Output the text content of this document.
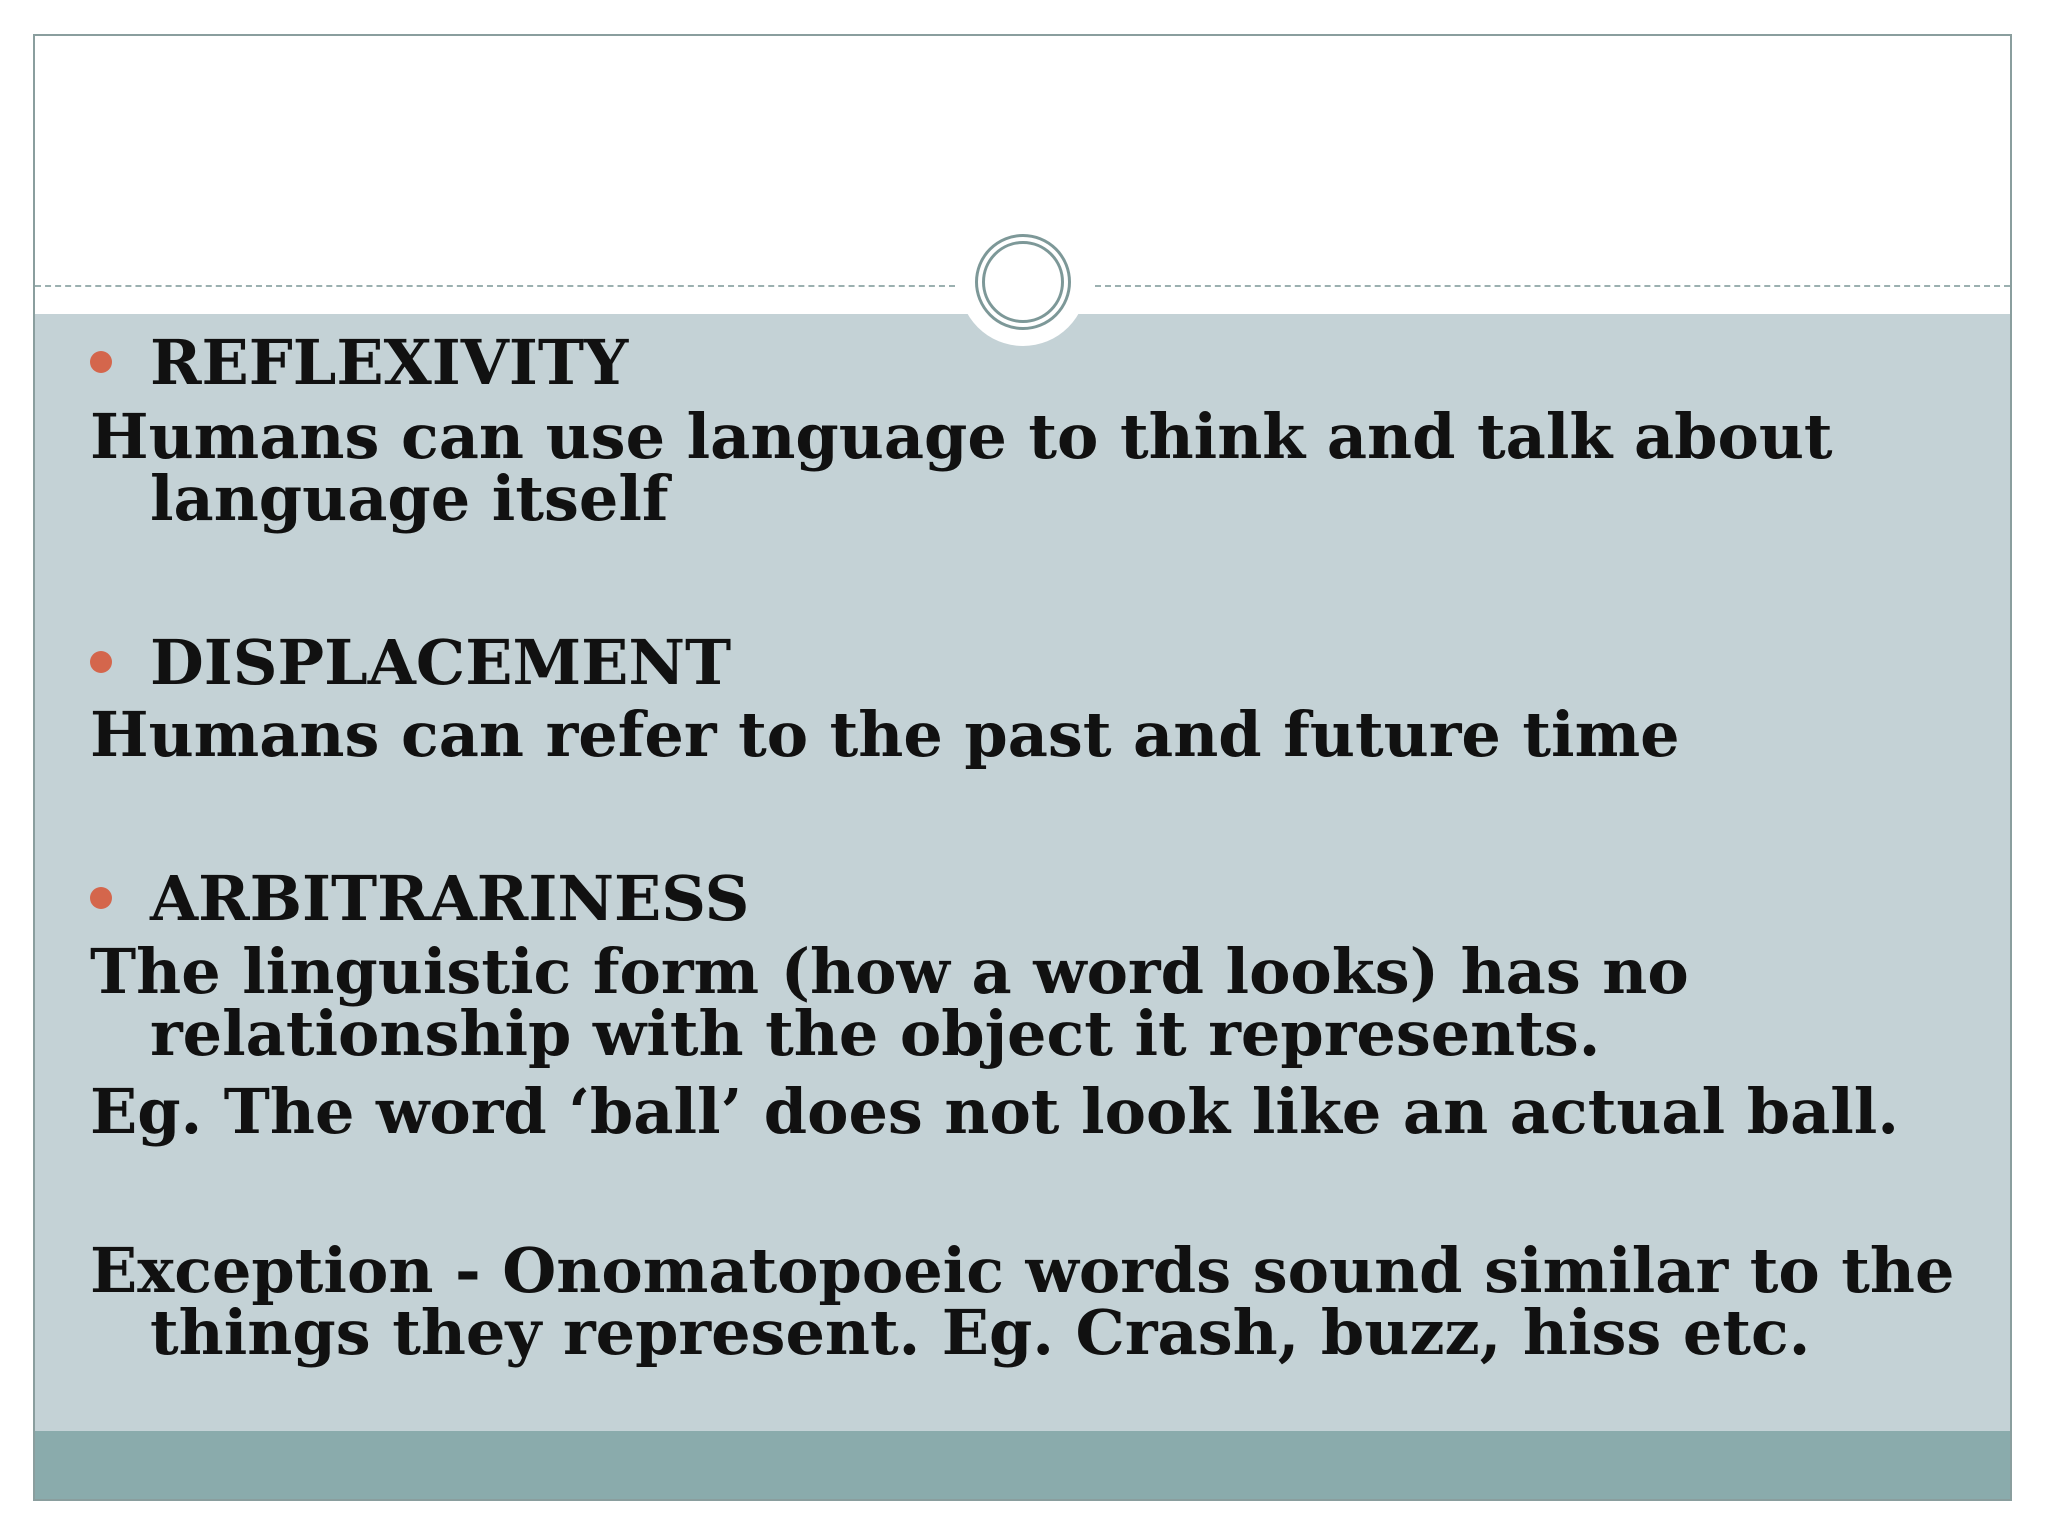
REFLEXIVITY
Humans can use language to think and talk about
language itself
DISPLACEMENT
Humans can refer to the past and future time
ARBITRARINESS
The linguistic form (how a word looks) has no
relationship with the object it represents.
Eg. The word ‘ball’ does not look like an actual ball.
Exception - Onomatopoeic words sound similar to the
things they represent. Eg. Crash, buzz, hiss etc.
